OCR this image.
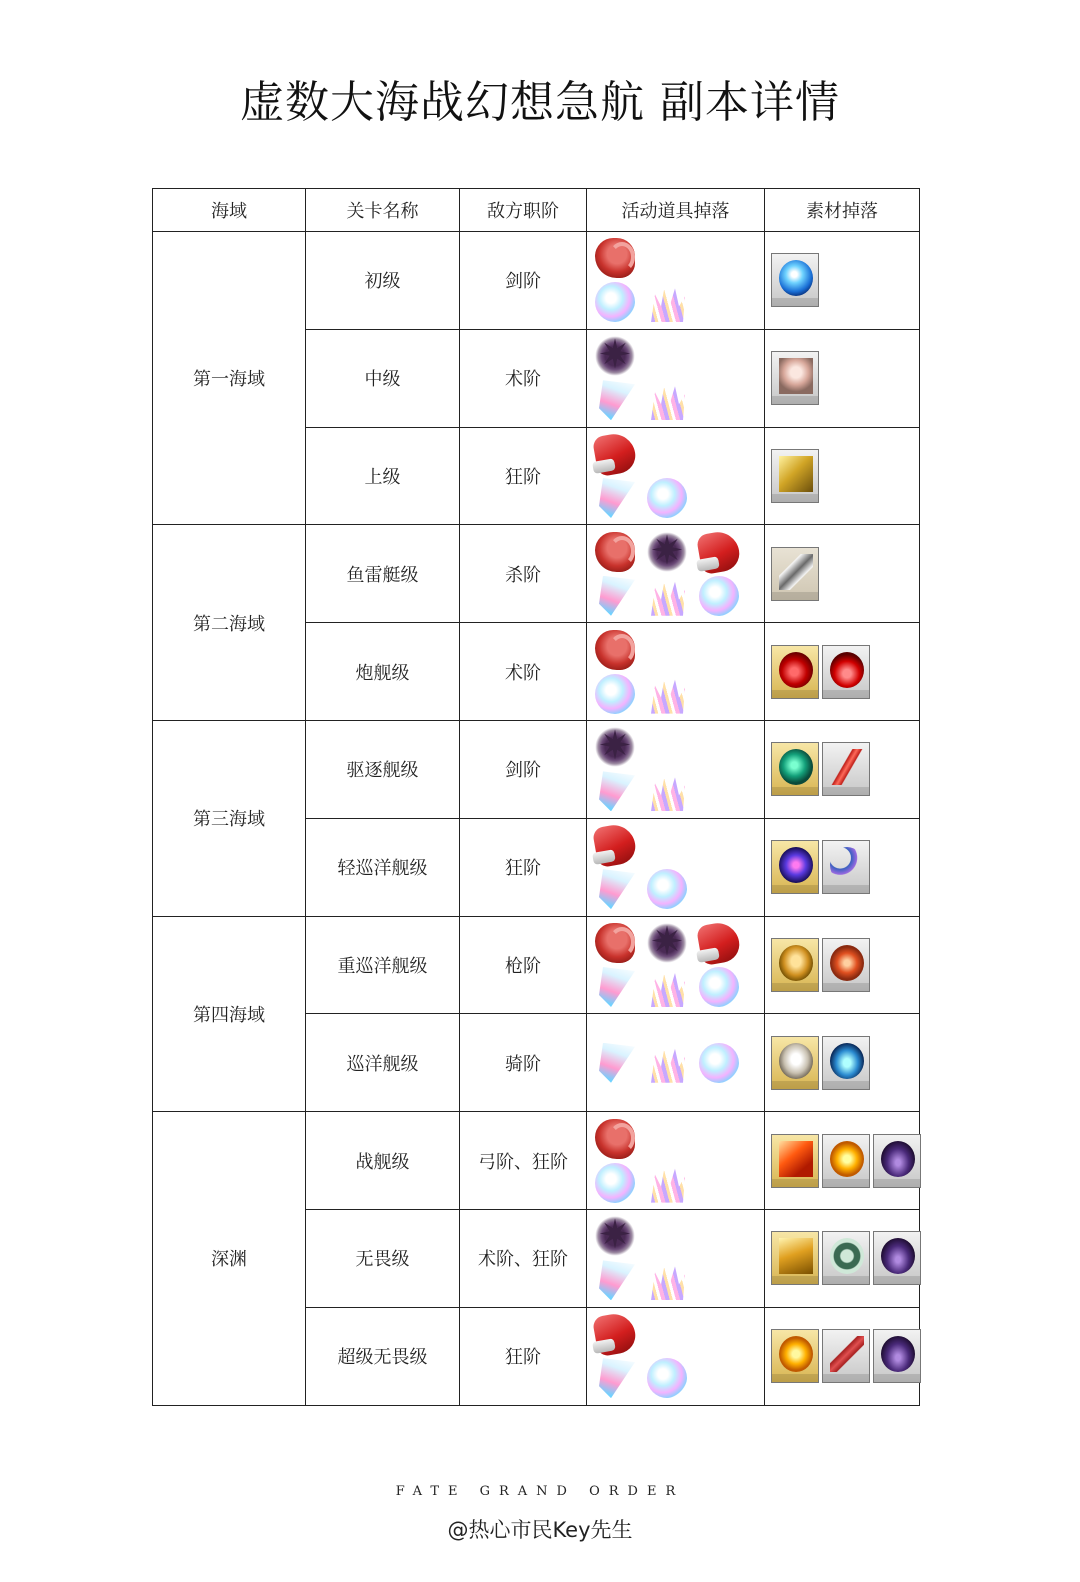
虚数大海战幻想急航 副本详情
海域	关卡名称	敌方职阶	活动道具掉落	素材掉落
第一海域	初级	剑阶	

	中级	术阶	
✷

	上级	狂阶	

第二海域	鱼雷艇级	杀阶	
✷

	炮舰级	术阶	

第三海域	驱逐舰级	剑阶	
✷

	轻巡洋舰级	狂阶	

第四海域	重巡洋舰级	枪阶	
✷

	巡洋舰级	骑阶	

深渊	战舰级	弓阶、狂阶	

	无畏级	术阶、狂阶	
✷

	超级无畏级	狂阶	

FATE GRAND ORDER
@热心市民Key先生
